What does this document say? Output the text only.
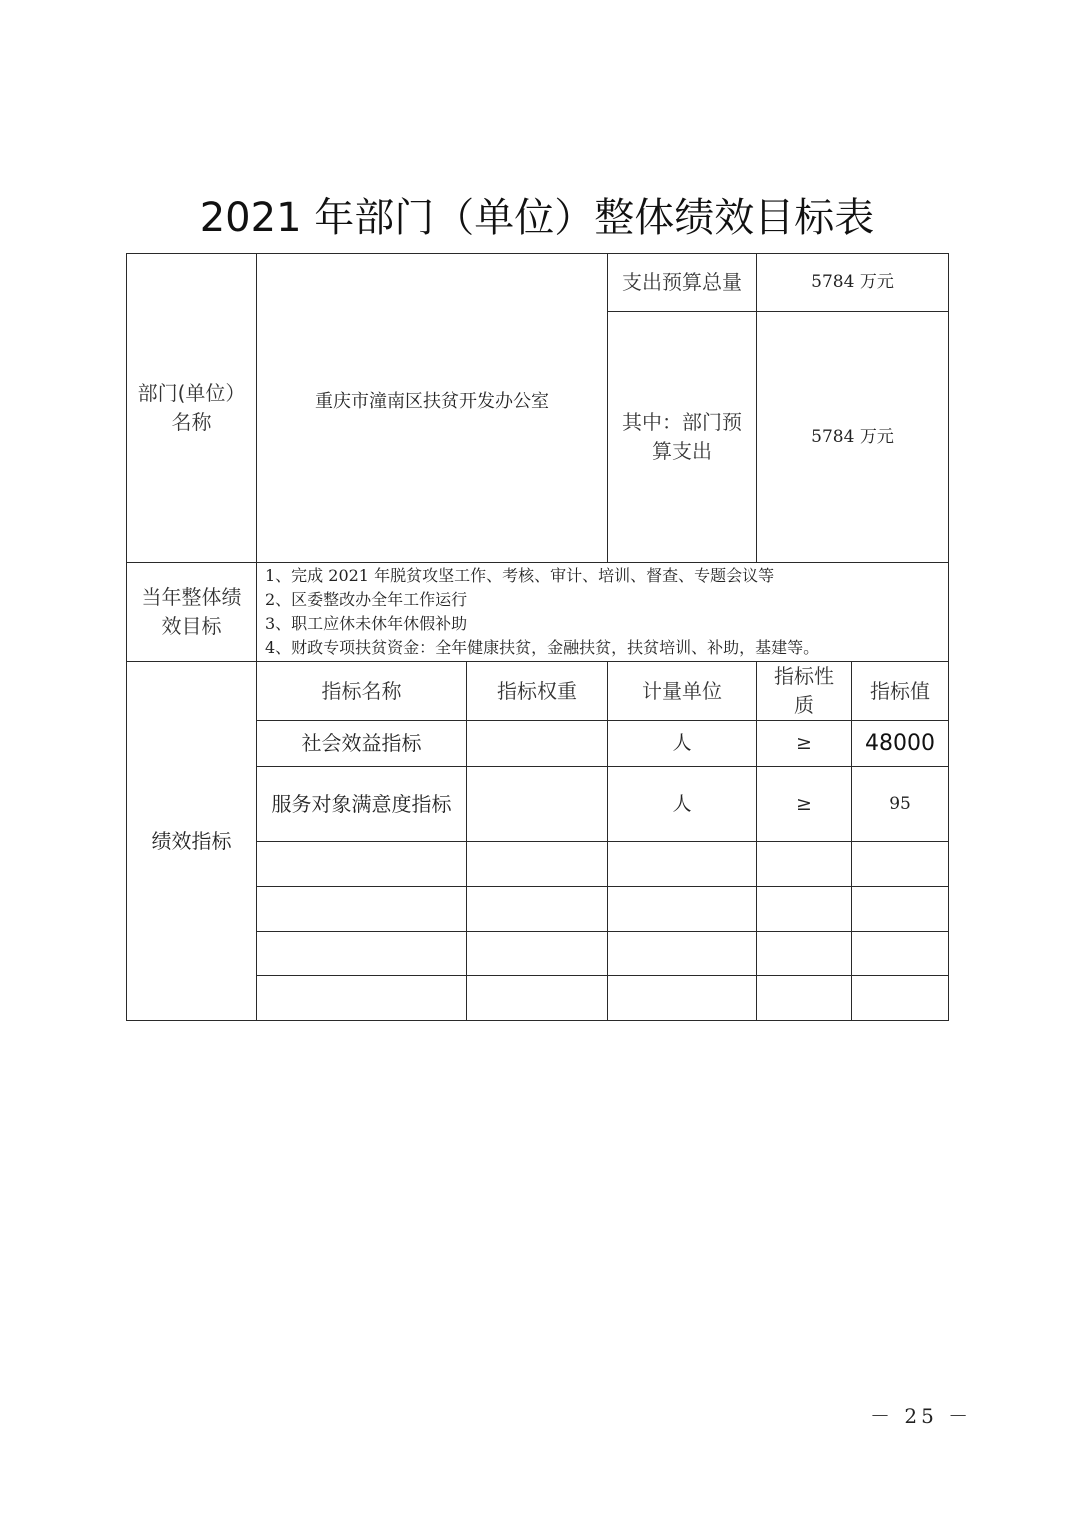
2021 年部门（单位）整体绩效目标表
部门(单位）名称	重庆市潼南区扶贫开发办公室		支出预算总量	5784 万元	
			其中：部门预算支出	5784 万元	
当年整体绩效目标	1、完成 2021 年脱贫攻坚工作、考核、审计、培训、督查、专题会议等
2、区委整改办全年工作运行
3、职工应休未休年休假补助
4、财政专项扶贫资金：全年健康扶贫，金融扶贫，扶贫培训、补助，基建等。				

绩效指标	指标名称	指标权重	计量单位	指标性质	指标值
	社会效益指标		人	≥	48000
	服务对象满意度指标		人	≥	95

－ 25 －
